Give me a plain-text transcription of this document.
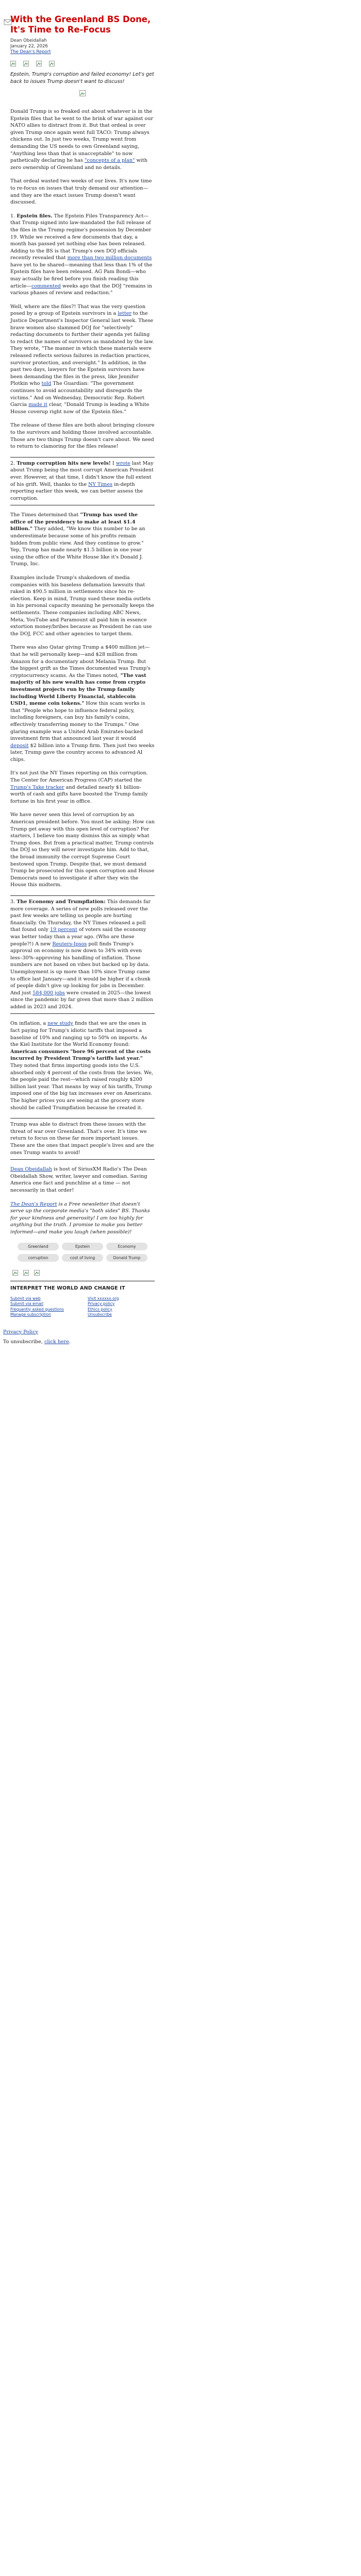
With the Greenland BS Done, It's Time to Re-Focus
Dean Obeidallah
January 22, 2026
The Dean's Report
Epstein, Trump's corruption and failed economy! Let's get back to issues Trump doesn't want to discuss!

Donald Trump is so freaked out about whatever is in the Epstein files that he went to the brink of war against our NATO allies to distract from it. But that ordeal is over given Trump once again went full TACO: Trump always chickens out. In just two weeks, Trump went from demanding the US needs to own Greenland saying, "Anything less than that is unacceptable" to now pathetically declaring he has "concepts of a plan" with zero ownership of Greenland and no details.

That ordeal wasted two weeks of our lives. It's now time to re-focus on issues that truly demand our attention—and they are the exact issues Trump doesn't want discussed.

1. Epstein files. The Epstein Files Transparency Act—that Trump signed into law-mandated the full release of the files in the Trump regime's possession by December 19. While we received a few documents that day, a month has passed yet nothing else has been released. Adding to the BS is that Trump's own DOJ officials recently revealed that more than two million documents have yet to be shared—meaning that less than 1% of the Epstein files have been released. AG Pam Bondi—who may actually be fired before you finish reading this article—commented weeks ago that the DOJ "remains in various phases of review and redaction."

Well, where are the files?! That was the very question posed by a group of Epstein survivors in a letter to the Justice Department's Inspector General last week. These brave women also slammed DOJ for "selectively" redacting documents to further their agenda yet failing to redact the names of survivors as mandated by the law. They wrote, "The manner in which these materials were released reflects serious failures in redaction practices, survivor protection, and oversight." In addition, in the past two days, lawyers for the Epstein survivors have been demanding the files in the press, like Jennifer Plotkin who told The Guardian: "The government continues to avoid accountability and disregards the victims." And on Wednesday, Democratic Rep. Robert Garcia made it clear, "Donald Trump is leading a White House coverup right now of the Epstein files."

The release of these files are both about bringing closure to the survivors and holding those involved accountable. Those are two things Trump doesn't care about. We need to return to clamoring for the files release!

2. Trump corruption hits new levels! I wrote last May about Trump being the most corrupt American President ever. However, at that time, I didn't know the full extent of his grift. Well, thanks to the NY Times in-depth reporting earlier this week, we can better assess the corruption.

The Times determined that "Trump has used the office of the presidency to make at least $1.4 billion." They added, "We know this number to be an underestimate because some of his profits remain hidden from public view. And they continue to grow." Yep, Trump has made nearly $1.5 billion in one year using the office of the White House like it's Donald J. Trump, Inc.

Examples include Trump's shakedown of media companies with his baseless defamation lawsuits that raked in $90.5 million in settlements since his re-election. Keep in mind, Trump sued these media outlets in his personal capacity meaning he personally keeps the settlements. These companies including ABC News, Meta, YouTube and Paramount all paid him in essence extortion money/bribes because as President he can use the DOJ, FCC and other agencies to target them.

There was also Qatar giving Trump a $400 million jet—that he will personally keep—and $28 million from Amazon for a documentary about Melania Trump. But the biggest grift as the Times documented was Trump's cryptocurrency scams. As the Times noted, "The vast majority of his new wealth has come from crypto investment projects run by the Trump family including World Liberty Financial, stablecoin USD1, meme coin tokens." How this scam works is that "People who hope to influence federal policy, including foreigners, can buy his family's coins, effectively transferring money to the Trumps." One glaring example was a United Arab Emirates-backed investment firm that announced last year it would deposit $2 billion into a Trump firm. Then just two weeks later, Trump gave the country access to advanced AI chips.

It's not just the NY Times reporting on this corruption. The Center for American Progress (CAP) started the Trump's Take tracker and detailed nearly $1 billion-worth of cash and gifts have boosted the Trump family fortune in his first year in office.

We have never seen this level of corruption by an American president before. You must be asking: How can Trump get away with this open level of corruption? For starters, I believe too many dismiss this as simply what Trump does. But from a practical matter, Trump controls the DOJ so they will never investigate him. Add to that, the broad immunity the corrupt Supreme Court bestowed upon Trump. Despite that, we must demand Trump be prosecuted for this open corruption and House Democrats need to investigate if after they win the House this midterm.

3. The Economy and Trumpflation: This demands far more coverage. A series of new polls released over the past few weeks are telling us people are hurting financially. On Thursday, the NY Times released a poll that found only 19 percent of voters said the economy was better today than a year ago. (Who are these people?!) A new Reuters-Ipsos poll finds Trump's approval on economy is now down to 34% with even less–30%–approving his handling of inflation. Those numbers are not based on vibes but backed up by data. Unemployment is up more than 10% since Trump came to office last January—and it would be higher if a chunk of people didn't give up looking for jobs in December. And just 584,000 jobs were created in 2025—the lowest since the pandemic by far given that more than 2 million added in 2023 and 2024.

On inflation, a new study finds that we are the ones in fact paying for Trump's idiotic tariffs that imposed a baseline of 10% and ranging up to 50% on imports. As the Kiel Institute for the World Economy found: American consumers "bore 96 percent of the costs incurred by President Trump's tariffs last year." They noted that firms importing goods into the U.S. absorbed only 4 percent of the costs from the levies. We, the people paid the rest—which raised roughly $200 billion last year. That means by way of his tariffs, Trump imposed one of the big tax increases ever on Americans. The higher prices you are seeing at the grocery store should be called Trumpflation because he created it.

Trump was able to distract from these issues with the threat of war over Greenland. That's over. It's time we return to focus on these far more important issues. These are the ones that impact people's lives and are the ones Trump wants to avoid!

Dean Obeidallah is host of SiriusXM Radio's The Dean Obeidallah Show, writer, lawyer and comedian. Saving America one fact and punchline at a time — not necessarily in that order!

The Dean's Report is a Free newsletter that doesn't serve up the corporate media's "both sides" BS. Thanks for your kindness and generosity! I am too highly for anything but the truth. I promise to make you better informed—and make you laugh (when possible)!

Greenland	Epstein	Economy
corruption	cost of living	Donald Trump
INTERPRET THE WORLD AND CHANGE IT
Submit via web	Visit xxxxxx.org
Submit via email	Privacy policy
Frequently asked questions	Ethics policy
Manage subscription	Unsubscribe
Privacy Policy
To unsubscribe, click here.
